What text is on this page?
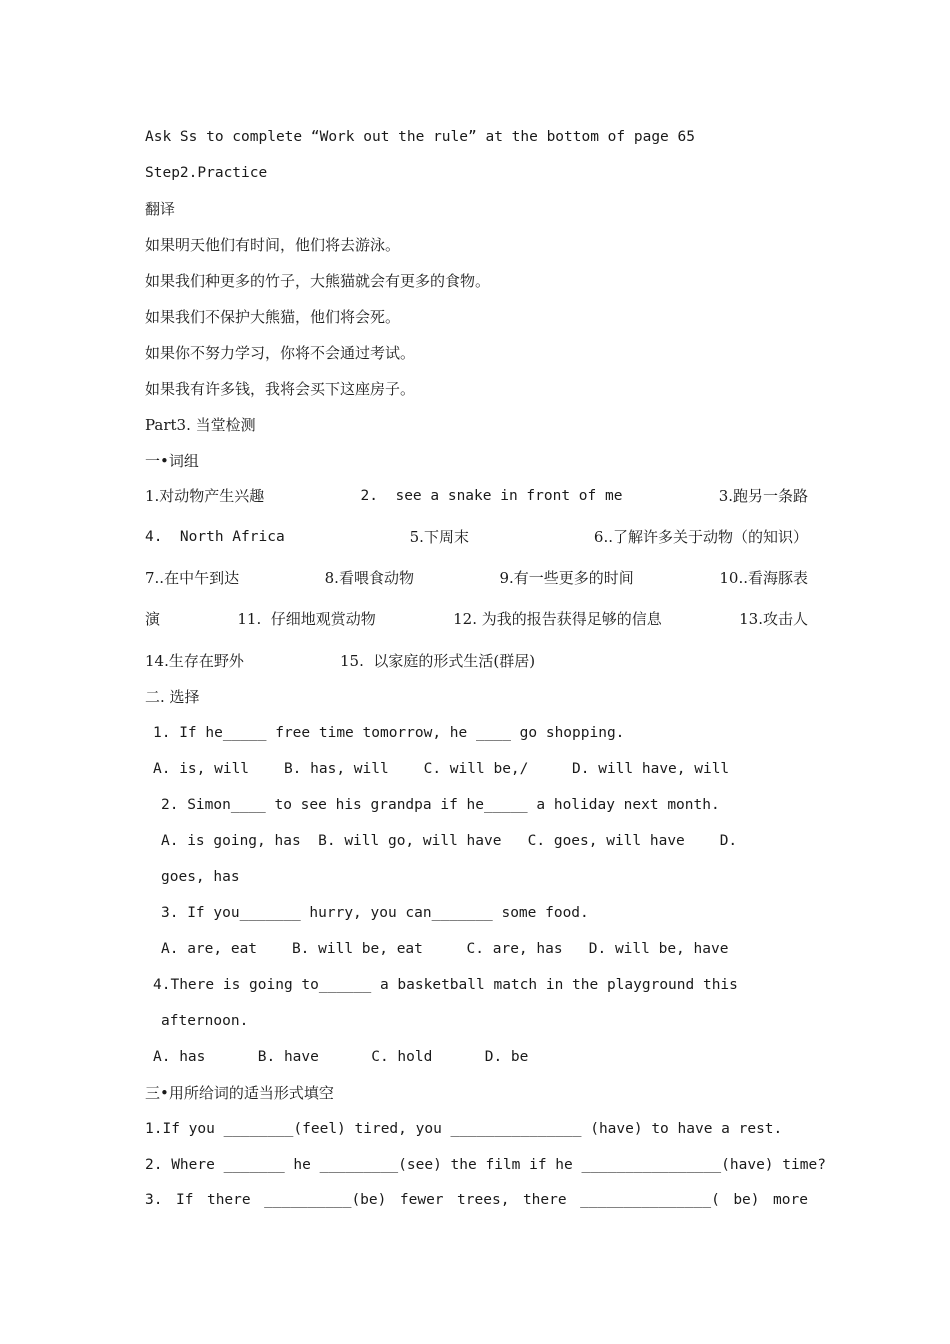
Ask Ss to complete “Work out the rule” at the bottom of page 65
Step2.Practice
翻译
如果明天他们有时间，他们将去游泳。
如果我们种更多的竹子，大熊猫就会有更多的食物。
如果我们不保护大熊猫，他们将会死。
如果你不努力学习，你将不会通过考试。
如果我有许多钱，我将会买下这座房子。
Part3. 当堂检测
一•词组
1.对动物产生兴趣	2.  see a snake in front of me	3.跑另一条路
4.  North Africa	5.下周末	6..了解许多关于动物（的知识）
7..在中午到达	8.看喂食动物	9.有一些更多的时间	10..看海豚表
演	11.  仔细地观赏动物	12. 为我的报告获得足够的信息	13.攻击人
14.生存在野外	15.  以家庭的形式生活(群居)
二. 选择
1. If he_____ free time tomorrow, he ____ go shopping.
A. is, will    B. has, will    C. will be,/     D. will have, will
2. Simon____ to see his grandpa if he_____ a holiday next month.
A. is going, has  B. will go, will have   C. goes, will have    D.
goes, has
3. If you_______ hurry, you can_______ some food.
A. are, eat    B. will be, eat     C. are, has   D. will be, have
4.There is going to______ a basketball match in the playground this
afternoon.
A. has      B. have      C. hold      D. be
三•用所给词的适当形式填空
1.If you ________(feel) tired, you _______________ (have) to have a rest.
2. Where _______ he _________(see) the film if he ________________(have) time?
3. If there __________(be) fewer trees, there _______________( be) more
